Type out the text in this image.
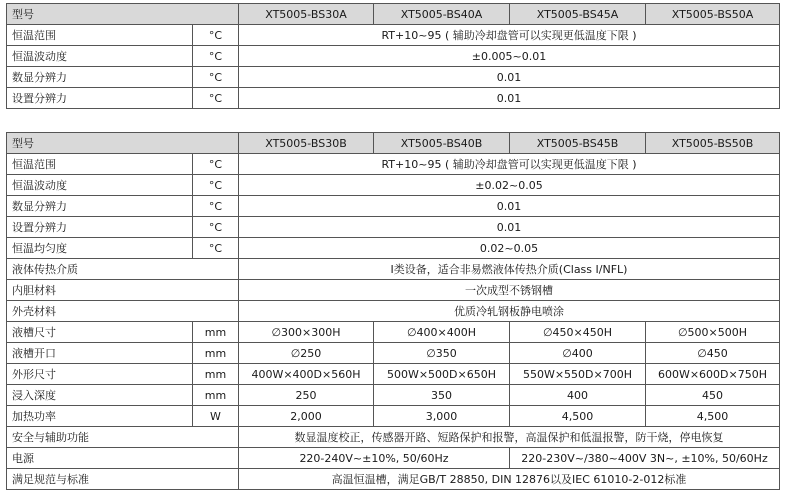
型号		XT5005-BS30A	XT5005-BS40A	XT5005-BS45A	XT5005-BS50A
恒温范围	°C	RT+10~95 ( 辅助冷却盘管可以实现更低温度下限 )			
恒温波动度	°C	±0.005~0.01			
数显分辨力	°C	0.01			
设置分辨力	°C	0.01			
型号		XT5005-BS30B	XT5005-BS40B	XT5005-BS45B	XT5005-BS50B
恒温范围	°C	RT+10~95 ( 辅助冷却盘管可以实现更低温度下限 )			
恒温波动度	°C	±0.02~0.05			
数显分辨力	°C	0.01			
设置分辨力	°C	0.01			
恒温均匀度	°C	0.02~0.05			
液体传热介质		I类设备，适合非易燃液体传热介质(Class I/NFL)			
内胆材料		一次成型不锈钢槽			
外壳材料		优质冷轧钢板静电喷涂			
液槽尺寸	mm	∅300×300H	∅400×400H	∅450×450H	∅500×500H
液槽开口	mm	∅250	∅350	∅400	∅450
外形尺寸	mm	400W×400D×560H	500W×500D×650H	550W×550D×700H	600W×600D×750H
浸入深度	mm	250	350	400	450
加热功率	W	2,000	3,000	4,500	4,500
安全与辅助功能		数显温度校正，传感器开路、短路保护和报警，高温保护和低温报警，防干烧，停电恢复			
电源		220-240V~±10%, 50/60Hz		220-230V~/380~400V 3N~, ±10%, 50/60Hz	
满足规范与标准		高温恒温槽，满足GB/T 28850, DIN 12876以及IEC 61010-2-012标准			
